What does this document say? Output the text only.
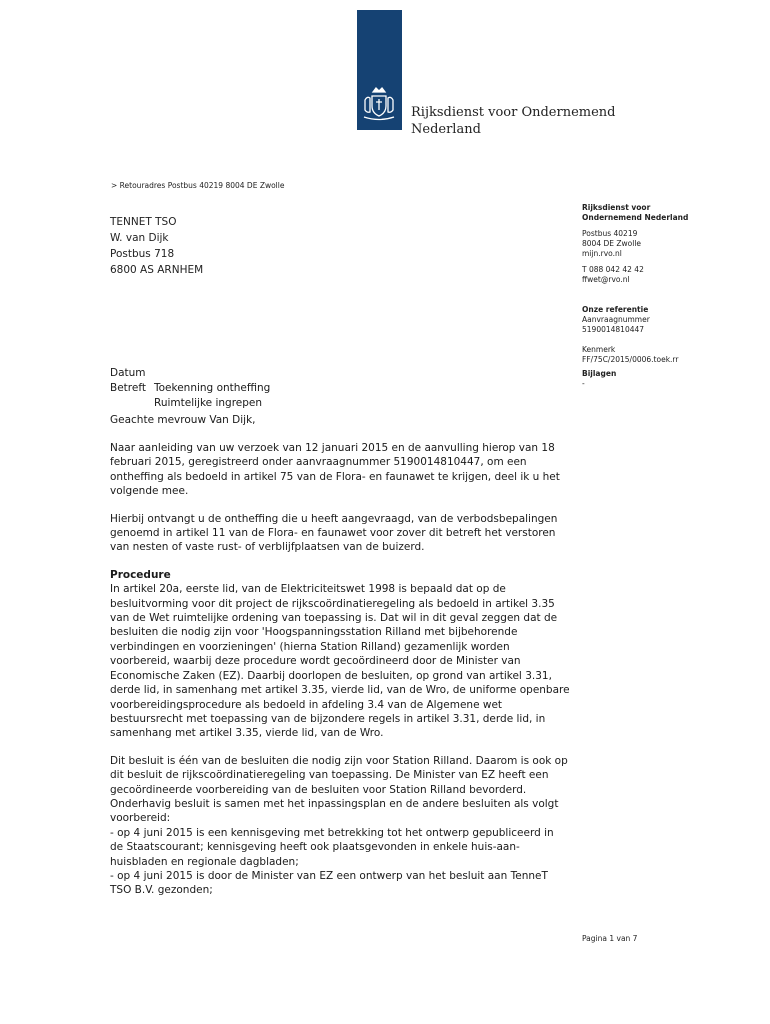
Rijksdienst voor Ondernemend
Nederland
> Retouradres Postbus 40219 8004 DE Zwolle
TENNET TSO
W. van Dijk
Postbus 718
6800 AS ARNHEM
Rijksdienst voor
Ondernemend Nederland
Postbus 40219
8004 DE Zwolle
mijn.rvo.nl
T 088 042 42 42
ffwet@rvo.nl
Onze referentie
Aanvraagnummer
5190014810447
Kenmerk
FF/75C/2015/0006.toek.rr
Bijlagen
-
Datum
Betreft Toekenning ontheffing
Ruimtelijke ingrepen
Geachte mevrouw Van Dijk,

Naar aanleiding van uw verzoek van 12 januari 2015 en de aanvulling hierop van 18 februari 2015, geregistreerd onder aanvraagnummer 5190014810447, om een ontheffing als bedoeld in artikel 75 van de Flora- en faunawet te krijgen, deel ik u het volgende mee.

Hierbij ontvangt u de ontheffing die u heeft aangevraagd, van de verbodsbepalingen genoemd in artikel 11 van de Flora- en faunawet voor zover dit betreft het verstoren van nesten of vaste rust- of verblijfplaatsen van de buizerd.

Procedure

In artikel 20a, eerste lid, van de Elektriciteitswet 1998 is bepaald dat op de besluitvorming voor dit project de rijkscoördinatieregeling als bedoeld in artikel 3.35 van de Wet ruimtelijke ordening van toepassing is. Dat wil in dit geval zeggen dat de besluiten die nodig zijn voor 'Hoogspanningsstation Rilland met bijbehorende verbindingen en voorzieningen' (hierna Station Rilland) gezamenlijk worden voorbereid, waarbij deze procedure wordt gecoördineerd door de Minister van Economische Zaken (EZ). Daarbij doorlopen de besluiten, op grond van artikel 3.31, derde lid, in samenhang met artikel 3.35, vierde lid, van de Wro, de uniforme openbare voorbereidingsprocedure als bedoeld in afdeling 3.4 van de Algemene wet bestuursrecht met toepassing van de bijzondere regels in artikel 3.31, derde lid, in samenhang met artikel 3.35, vierde lid, van de Wro.

Dit besluit is één van de besluiten die nodig zijn voor Station Rilland. Daarom is ook op dit besluit de rijkscoördinatieregeling van toepassing. De Minister van EZ heeft een gecoördineerde voorbereiding van de besluiten voor Station Rilland bevorderd. Onderhavig besluit is samen met het inpassingsplan en de andere besluiten als volgt voorbereid:

- op 4 juni 2015 is een kennisgeving met betrekking tot het ontwerp gepubliceerd in de Staatscourant; kennisgeving heeft ook plaatsgevonden in enkele huis-aan-huisbladen en regionale dagbladen;
- op 4 juni 2015 is door de Minister van EZ een ontwerp van het besluit aan TenneT TSO B.V. gezonden;
Pagina 1 van 7
